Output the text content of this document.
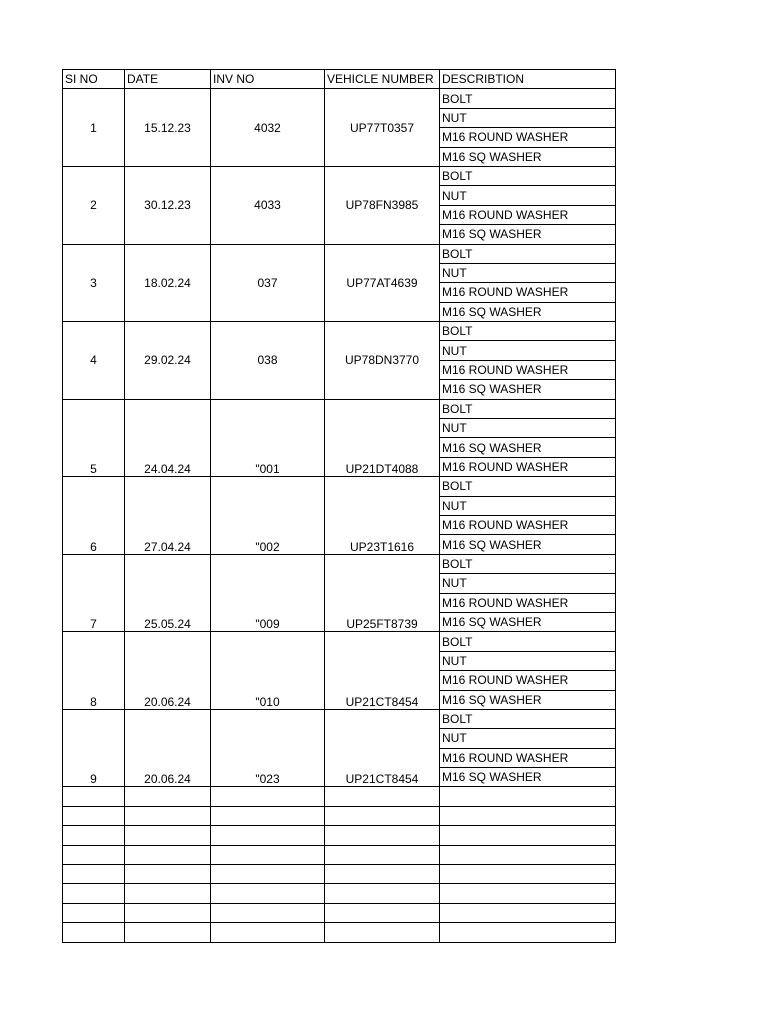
SI NO	DATE	INV NO	VEHICLE NUMBER	DESCRIBTION
1	15.12.23	4032	UP77T0357	BOLT
				NUT
				M16 ROUND WASHER
				M16 SQ WASHER
2	30.12.23	4033	UP78FN3985	BOLT
				NUT
				M16 ROUND WASHER
				M16 SQ WASHER
3	18.02.24	037	UP77AT4639	BOLT
				NUT
				M16 ROUND WASHER
				M16 SQ WASHER
4	29.02.24	038	UP78DN3770	BOLT
				NUT
				M16 ROUND WASHER
				M16 SQ WASHER
5	24.04.24	"001	UP21DT4088	BOLT
				NUT
				M16 SQ WASHER
				M16 ROUND WASHER
6	27.04.24	"002	UP23T1616	BOLT
				NUT
				M16 ROUND WASHER
				M16 SQ WASHER
7	25.05.24	"009	UP25FT8739	BOLT
				NUT
				M16 ROUND WASHER
				M16 SQ WASHER
8	20.06.24	"010	UP21CT8454	BOLT
				NUT
				M16 ROUND WASHER
				M16 SQ WASHER
9	20.06.24	"023	UP21CT8454	BOLT
				NUT
				M16 ROUND WASHER
				M16 SQ WASHER
